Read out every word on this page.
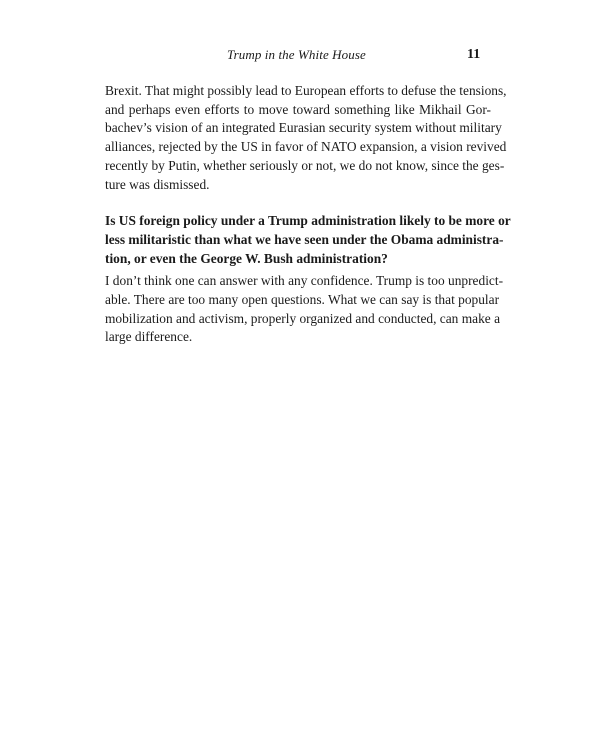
Trump in the White House	11

Brexit. That might possibly lead to European efforts to defuse the tensions,
and perhaps even efforts to move toward something like Mikhail Gor-
bachev’s vision of an integrated Eurasian security system without military
alliances, rejected by the US in favor of NATO expansion, a vision revived
recently by Putin, whether seriously or not, we do not know, since the ges-
ture was dismissed.

Is US foreign policy under a Trump administration likely to be more or
less militaristic than what we have seen under the Obama administra-
tion, or even the George W. Bush administration?

I don’t think one can answer with any confidence. Trump is too unpredict-
able. There are too many open questions. What we can say is that popular
mobilization and activism, properly organized and conducted, can make a
large difference.
